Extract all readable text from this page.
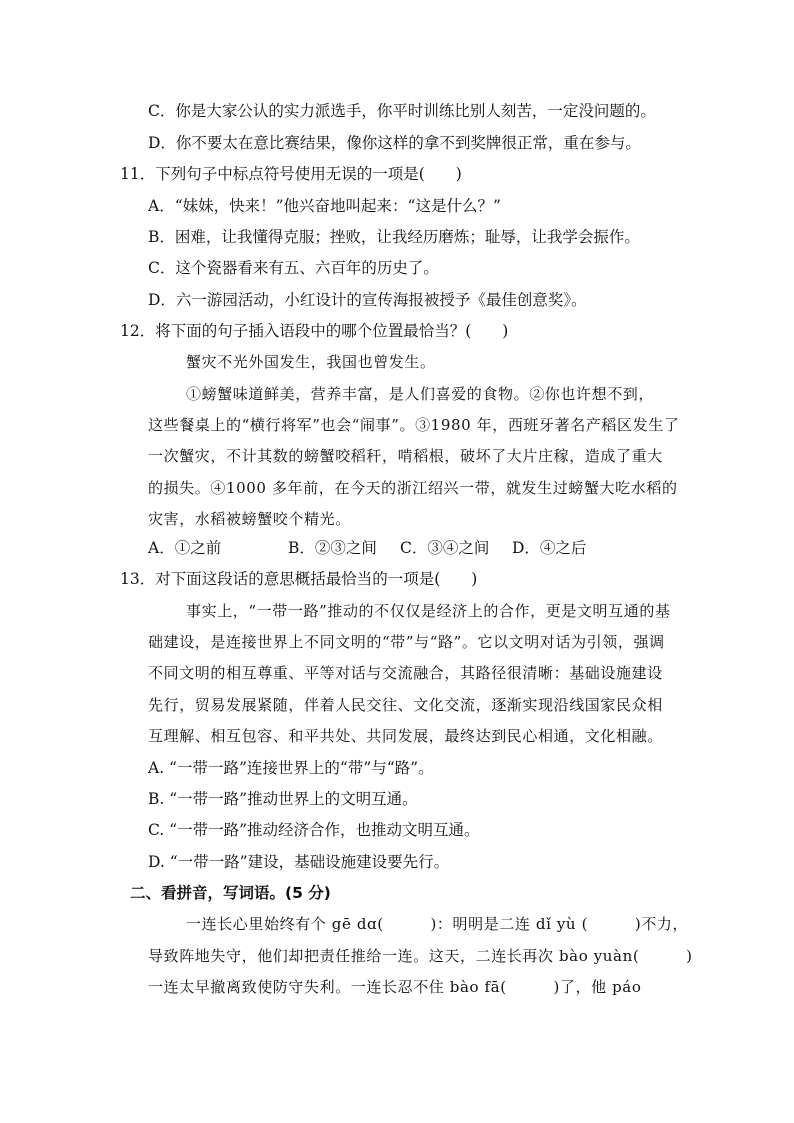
C．你是大家公认的实力派选手，你平时训练比别人刻苦，一定没问题的。
D．你不要太在意比赛结果，像你这样的拿不到奖牌很正常，重在参与。
11．下列句子中标点符号使用无误的一项是(　　)
A．“妹妹，快来！”他兴奋地叫起来：“这是什么？”
B．困难，让我懂得克服；挫败，让我经历磨炼；耻辱，让我学会振作。
C．这个瓷器看来有五、六百年的历史了。
D．六一游园活动，小红设计的宣传海报被授予《最佳创意奖》。
12．将下面的句子插入语段中的哪个位置最恰当？(　　)
蟹灾不光外国发生，我国也曾发生。
①螃蟹味道鲜美，营养丰富，是人们喜爱的食物。②你也许想不到，
这些餐桌上的“横行将军”也会“闹事”。③1980 年，西班牙著名产稻区发生了
一次蟹灾，不计其数的螃蟹咬稻秆，啃稻根，破坏了大片庄稼，造成了重大
的损失。④1000 多年前，在今天的浙江绍兴一带，就发生过螃蟹大吃水稻的
灾害，水稻被螃蟹咬个精光。
A．①之前	B．②③之间 C．③④之间 D．④之后
13．对下面这段话的意思概括最恰当的一项是(　　)
事实上，“一带一路”推动的不仅仅是经济上的合作，更是文明互通的基
础建设，是连接世界上不同文明的“带”与“路”。它以文明对话为引领，强调
不同文明的相互尊重、平等对话与交流融合，其路径很清晰：基础设施建设
先行，贸易发展紧随，伴着人民交往、文化交流，逐渐实现沿线国家民众相
互理解、相互包容、和平共处、共同发展，最终达到民心相通，文化相融。
A. “一带一路”连接世界上的“带”与“路”。
B. “一带一路”推动世界上的文明互通。
C. “一带一路”推动经济合作，也推动文明互通。
D. “一带一路”建设，基础设施建设要先行。
二、看拼音，写词语。(5 分)
一连长心里始终有个 gē dɑ(　　　)：明明是二连 dǐ yù (　　　)不力，
导致阵地失守，他们却把责任推给一连。这天，二连长再次 bào yuàn(　　　)
一连太早撤离致使防守失利。一连长忍不住 bào fā(　　　)了，他 páo
